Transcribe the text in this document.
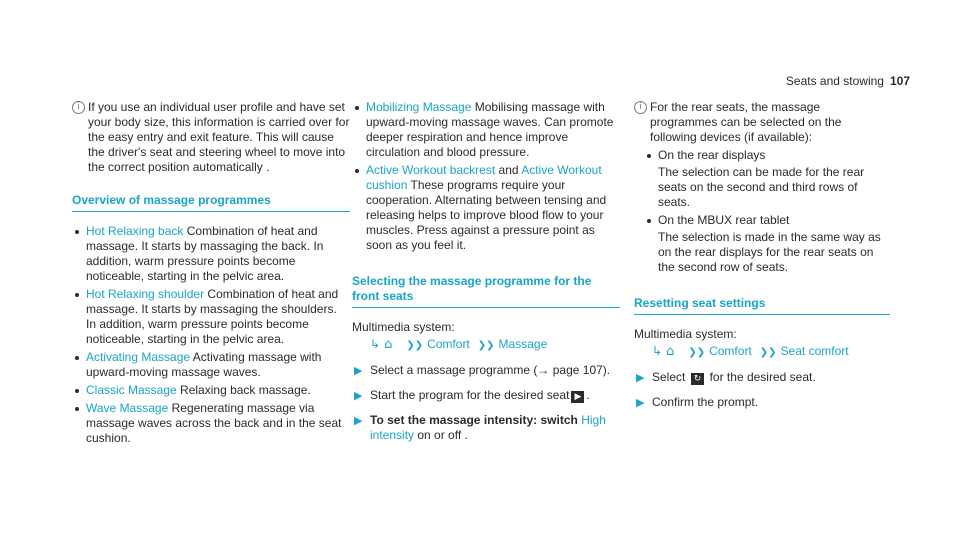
Seats and stowing 107
i If you use an individual user profile and have set your body size, this information is carried over for the easy entry and exit feature. This will cause the driver's seat and steering wheel to move into the correct position automatically .
Overview of massage programmes
Hot Relaxing back Combination of heat and massage. It starts by massaging the back. In addition, warm pressure points become noticeable, starting in the pelvic area.
Hot Relaxing shoulder Combination of heat and massage. It starts by massaging the shoulders. In addition, warm pressure points become noticeable, starting in the pelvic area.
Activating Massage Activating massage with upward-moving massage waves.
Classic Massage Relaxing back massage.
Wave Massage Regenerating massage via massage waves across the back and in the seat cushion.
Mobilizing Massage Mobilising massage with upward-moving massage waves. Can promote deeper respiration and hence improve circulation and blood pressure.
Active Workout backrest and Active Workout cushion These programs require your cooperation. Alternating between tensing and releasing helps to improve blood flow to your muscles. Press against a pressure point as soon as you feel it.
Selecting the massage programme for the front seats
Multimedia system:
↳ ⌂ ❯❯ Comfort ❯❯ Massage
▶ Select a massage programme (→ page 107).
▶ Start the program for the desired seat ▶ .
▶ To set the massage intensity: switch High intensity on or off .
i For the rear seats, the massage programmes can be selected on the following devices (if available):
On the rear displays
The selection can be made for the rear seats on the second and third rows of seats.
On the MBUX rear tablet
The selection is made in the same way as on the rear displays for the rear seats on the second row of seats.
Resetting seat settings
Multimedia system:
↳ ⌂ ❯❯ Comfort ❯❯ Seat comfort
▶ Select ↻ for the desired seat.
▶ Confirm the prompt.
